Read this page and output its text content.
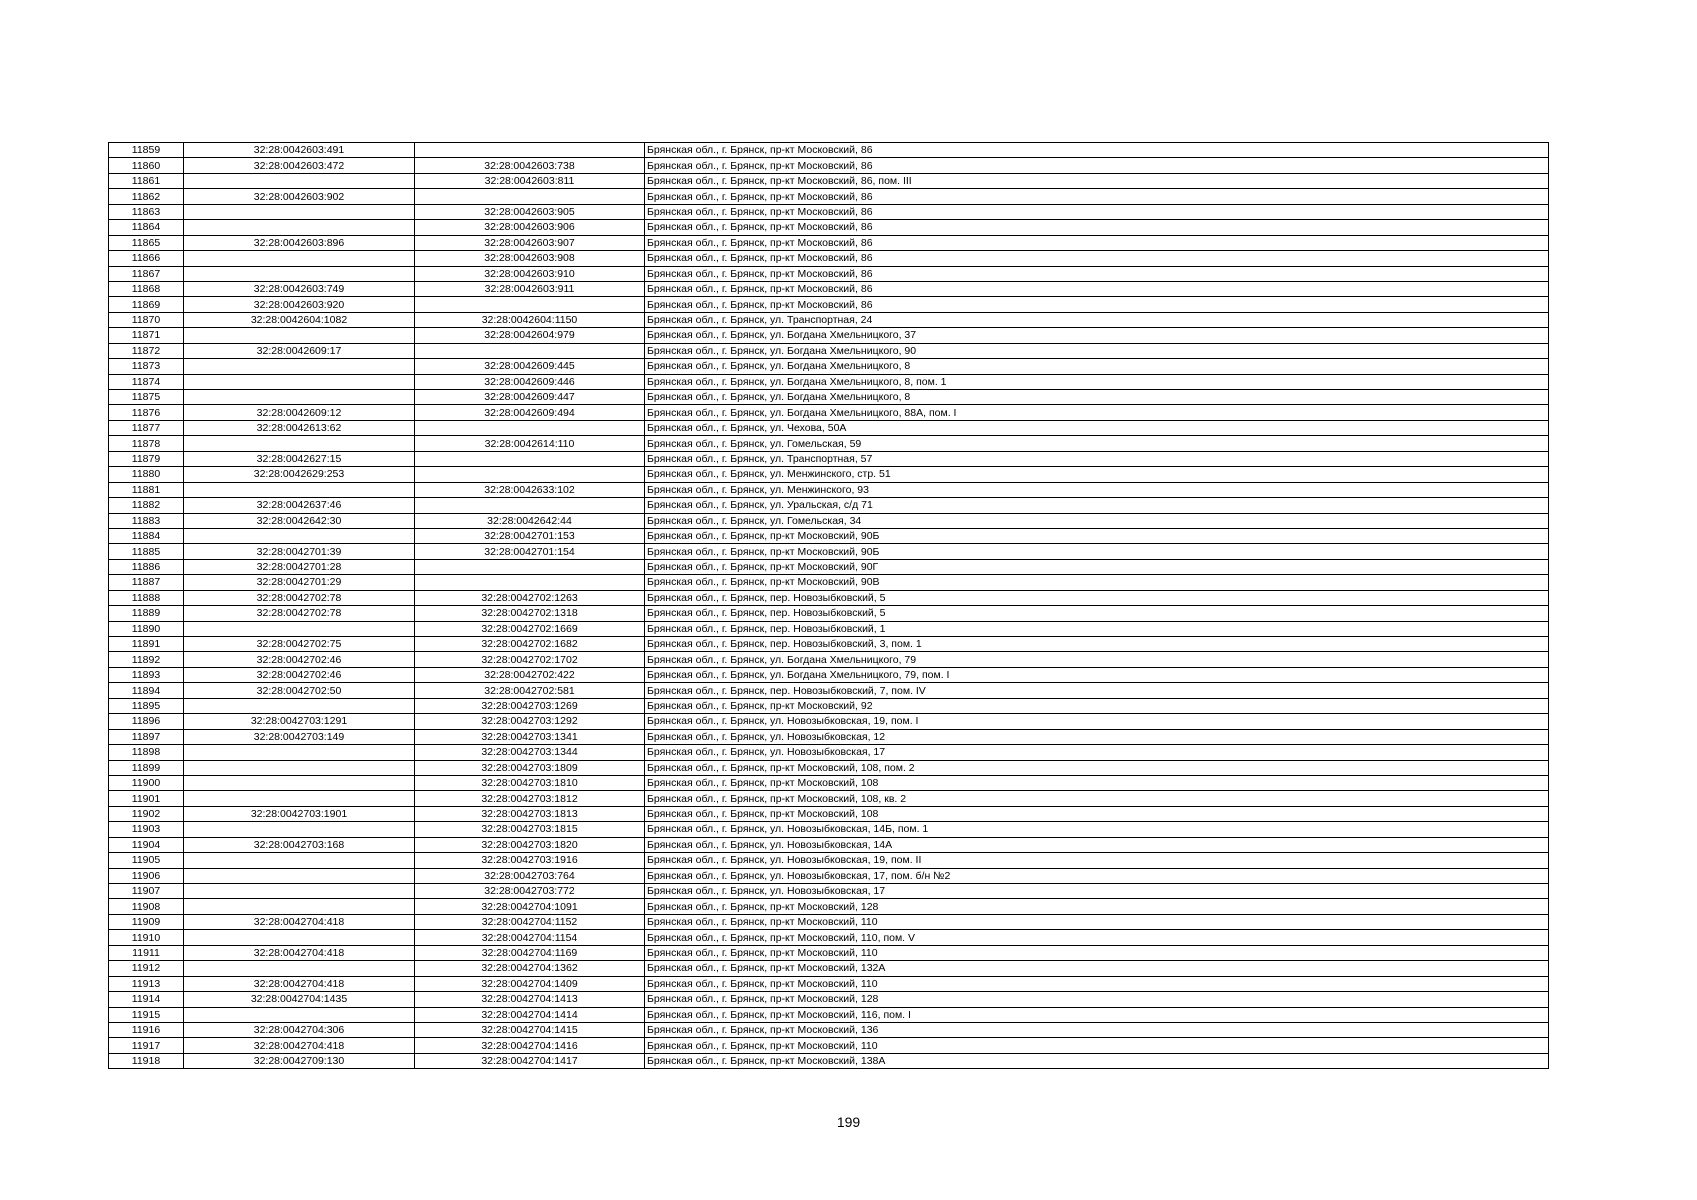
11859	32:28:0042603:491		Брянская обл., г. Брянск, пр-кт Московский, 86
11860	32:28:0042603:472	32:28:0042603:738	Брянская обл., г. Брянск, пр-кт Московский, 86
11861		32:28:0042603:811	Брянская обл., г. Брянск, пр-кт Московский, 86, пом. III
11862	32:28:0042603:902		Брянская обл., г. Брянск, пр-кт Московский, 86
11863		32:28:0042603:905	Брянская обл., г. Брянск, пр-кт Московский, 86
11864		32:28:0042603:906	Брянская обл., г. Брянск, пр-кт Московский, 86
11865	32:28:0042603:896	32:28:0042603:907	Брянская обл., г. Брянск, пр-кт Московский, 86
11866		32:28:0042603:908	Брянская обл., г. Брянск, пр-кт Московский, 86
11867		32:28:0042603:910	Брянская обл., г. Брянск, пр-кт Московский, 86
11868	32:28:0042603:749	32:28:0042603:911	Брянская обл., г. Брянск, пр-кт Московский, 86
11869	32:28:0042603:920		Брянская обл., г. Брянск, пр-кт Московский, 86
11870	32:28:0042604:1082	32:28:0042604:1150	Брянская обл., г. Брянск, ул. Транспортная, 24
11871		32:28:0042604:979	Брянская обл., г. Брянск, ул. Богдана Хмельницкого, 37
11872	32:28:0042609:17		Брянская обл., г. Брянск, ул. Богдана Хмельницкого, 90
11873		32:28:0042609:445	Брянская обл., г. Брянск, ул. Богдана Хмельницкого, 8
11874		32:28:0042609:446	Брянская обл., г. Брянск, ул. Богдана Хмельницкого, 8, пом. 1
11875		32:28:0042609:447	Брянская обл., г. Брянск, ул. Богдана Хмельницкого, 8
11876	32:28:0042609:12	32:28:0042609:494	Брянская обл., г. Брянск, ул. Богдана Хмельницкого, 88А, пом. I
11877	32:28:0042613:62		Брянская обл., г. Брянск, ул. Чехова, 50А
11878		32:28:0042614:110	Брянская обл., г. Брянск, ул. Гомельская, 59
11879	32:28:0042627:15		Брянская обл., г. Брянск, ул. Транспортная, 57
11880	32:28:0042629:253		Брянская обл., г. Брянск, ул. Менжинского, стр. 51
11881		32:28:0042633:102	Брянская обл., г. Брянск, ул. Менжинского, 93
11882	32:28:0042637:46		Брянская обл., г. Брянск, ул. Уральская, с/д 71
11883	32:28:0042642:30	32:28:0042642:44	Брянская обл., г. Брянск, ул. Гомельская, 34
11884		32:28:0042701:153	Брянская обл., г. Брянск, пр-кт Московский, 90Б
11885	32:28:0042701:39	32:28:0042701:154	Брянская обл., г. Брянск, пр-кт Московский, 90Б
11886	32:28:0042701:28		Брянская обл., г. Брянск, пр-кт Московский, 90Г
11887	32:28:0042701:29		Брянская обл., г. Брянск, пр-кт Московский, 90В
11888	32:28:0042702:78	32:28:0042702:1263	Брянская обл., г. Брянск, пер. Новозыбковский, 5
11889	32:28:0042702:78	32:28:0042702:1318	Брянская обл., г. Брянск, пер. Новозыбковский, 5
11890		32:28:0042702:1669	Брянская обл., г. Брянск, пер. Новозыбковский, 1
11891	32:28:0042702:75	32:28:0042702:1682	Брянская обл., г. Брянск, пер. Новозыбковский, 3, пом. 1
11892	32:28:0042702:46	32:28:0042702:1702	Брянская обл., г. Брянск, ул. Богдана Хмельницкого, 79
11893	32:28:0042702:46	32:28:0042702:422	Брянская обл., г. Брянск, ул. Богдана Хмельницкого, 79, пом. I
11894	32:28:0042702:50	32:28:0042702:581	Брянская обл., г. Брянск, пер. Новозыбковский, 7, пом. IV
11895		32:28:0042703:1269	Брянская обл., г. Брянск, пр-кт Московский, 92
11896	32:28:0042703:1291	32:28:0042703:1292	Брянская обл., г. Брянск, ул. Новозыбковская, 19, пом. I
11897	32:28:0042703:149	32:28:0042703:1341	Брянская обл., г. Брянск, ул. Новозыбковская, 12
11898		32:28:0042703:1344	Брянская обл., г. Брянск, ул. Новозыбковская, 17
11899		32:28:0042703:1809	Брянская обл., г. Брянск, пр-кт Московский, 108, пом. 2
11900		32:28:0042703:1810	Брянская обл., г. Брянск, пр-кт Московский, 108
11901		32:28:0042703:1812	Брянская обл., г. Брянск, пр-кт Московский, 108, кв. 2
11902	32:28:0042703:1901	32:28:0042703:1813	Брянская обл., г. Брянск, пр-кт Московский, 108
11903		32:28:0042703:1815	Брянская обл., г. Брянск, ул. Новозыбковская, 14Б, пом. 1
11904	32:28:0042703:168	32:28:0042703:1820	Брянская обл., г. Брянск, ул. Новозыбковская, 14А
11905		32:28:0042703:1916	Брянская обл., г. Брянск, ул. Новозыбковская, 19, пом. II
11906		32:28:0042703:764	Брянская обл., г. Брянск, ул. Новозыбковская, 17, пом. б/н №2
11907		32:28:0042703:772	Брянская обл., г. Брянск, ул. Новозыбковская, 17
11908		32:28:0042704:1091	Брянская обл., г. Брянск, пр-кт Московский, 128
11909	32:28:0042704:418	32:28:0042704:1152	Брянская обл., г. Брянск, пр-кт Московский, 110
11910		32:28:0042704:1154	Брянская обл., г. Брянск, пр-кт Московский, 110, пом. V
11911	32:28:0042704:418	32:28:0042704:1169	Брянская обл., г. Брянск, пр-кт Московский, 110
11912		32:28:0042704:1362	Брянская обл., г. Брянск, пр-кт Московский, 132А
11913	32:28:0042704:418	32:28:0042704:1409	Брянская обл., г. Брянск, пр-кт Московский, 110
11914	32:28:0042704:1435	32:28:0042704:1413	Брянская обл., г. Брянск, пр-кт Московский, 128
11915		32:28:0042704:1414	Брянская обл., г. Брянск, пр-кт Московский, 116, пом. I
11916	32:28:0042704:306	32:28:0042704:1415	Брянская обл., г. Брянск, пр-кт Московский, 136
11917	32:28:0042704:418	32:28:0042704:1416	Брянская обл., г. Брянск, пр-кт Московский, 110
11918	32:28:0042709:130	32:28:0042704:1417	Брянская обл., г. Брянск, пр-кт Московский, 138А
199
